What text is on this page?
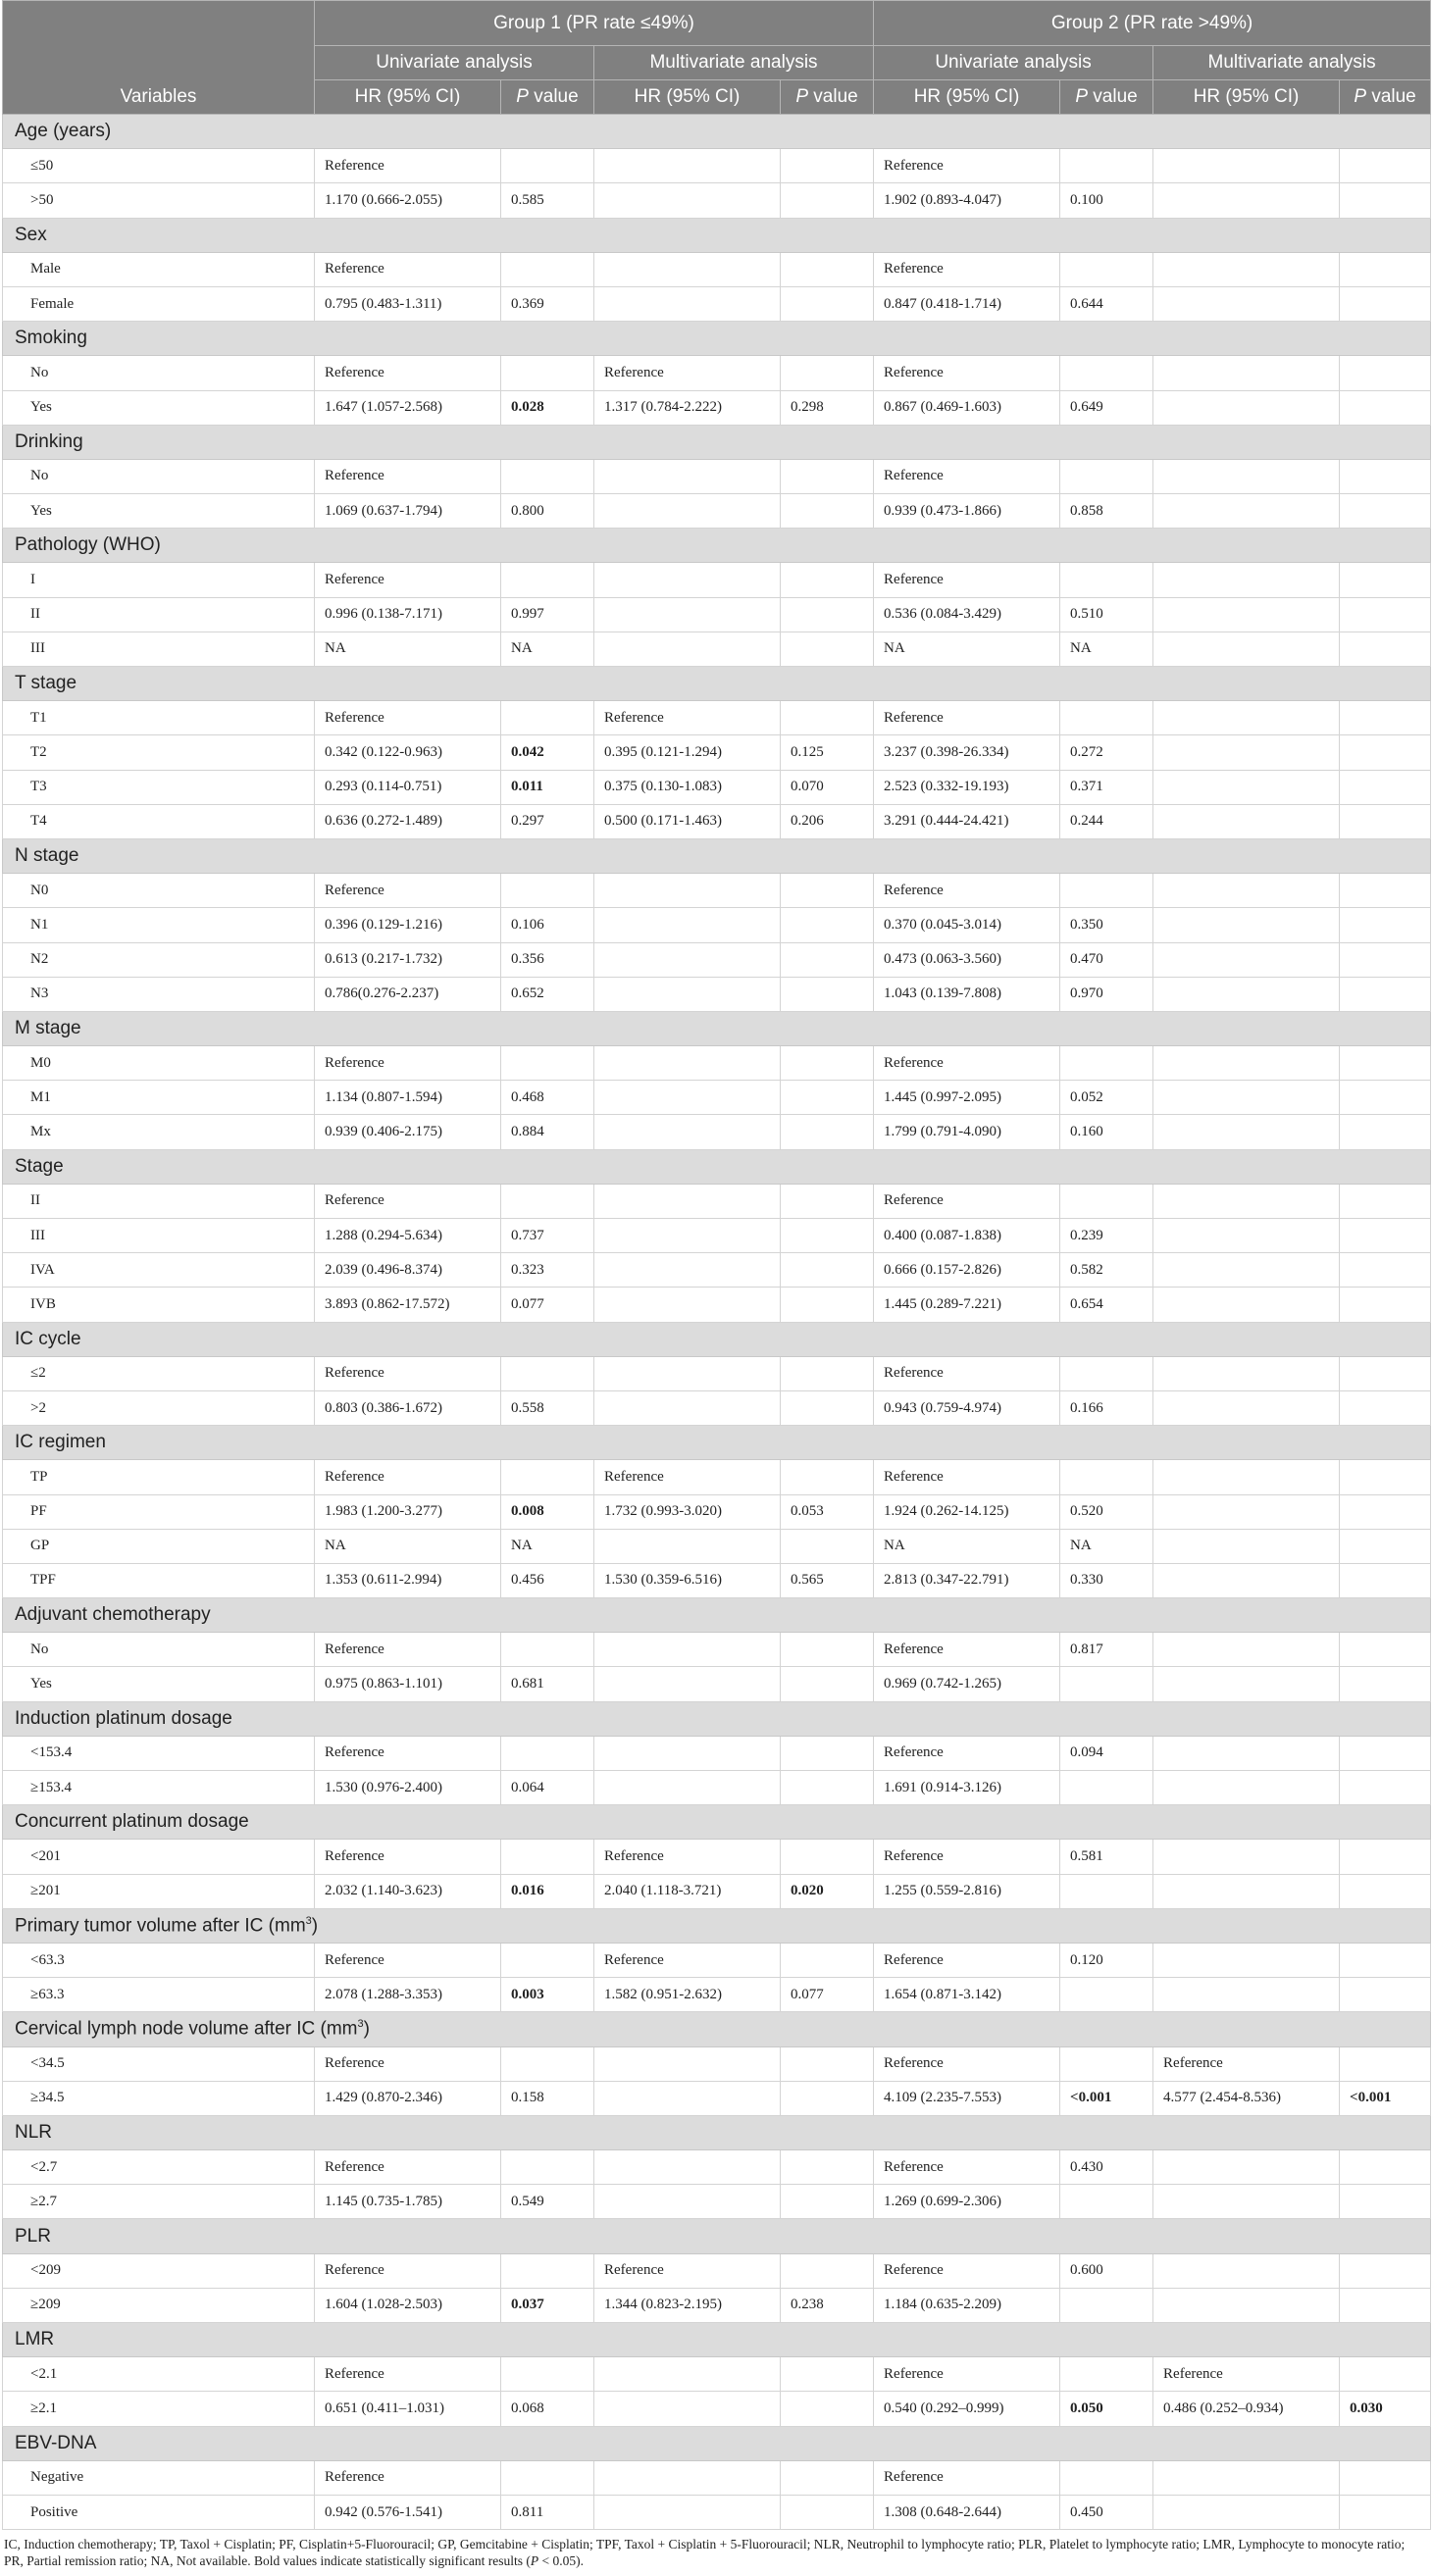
Variables	Group 1 (PR rate ≤49%)				Group 2 (PR rate >49%)			
	Univariate analysis		Multivariate analysis		Univariate analysis		Multivariate analysis	
	HR (95% CI)	P value	HR (95% CI)	P value	HR (95% CI)	P value	HR (95% CI)	P value
Age (years)								
≤50	Reference				Reference			
>50	1.170 (0.666-2.055)	0.585			1.902 (0.893-4.047)	0.100		
Sex								
Male	Reference				Reference			
Female	0.795 (0.483-1.311)	0.369			0.847 (0.418-1.714)	0.644		
Smoking								
No	Reference		Reference		Reference			
Yes	1.647 (1.057-2.568)	0.028	1.317 (0.784-2.222)	0.298	0.867 (0.469-1.603)	0.649		
Drinking								
No	Reference				Reference			
Yes	1.069 (0.637-1.794)	0.800			0.939 (0.473-1.866)	0.858		
Pathology (WHO)								
I	Reference				Reference			
II	0.996 (0.138-7.171)	0.997			0.536 (0.084-3.429)	0.510		
III	NA	NA			NA	NA		
T stage								
T1	Reference		Reference		Reference			
T2	0.342 (0.122-0.963)	0.042	0.395 (0.121-1.294)	0.125	3.237 (0.398-26.334)	0.272		
T3	0.293 (0.114-0.751)	0.011	0.375 (0.130-1.083)	0.070	2.523 (0.332-19.193)	0.371		
T4	0.636 (0.272-1.489)	0.297	0.500 (0.171-1.463)	0.206	3.291 (0.444-24.421)	0.244		
N stage								
N0	Reference				Reference			
N1	0.396 (0.129-1.216)	0.106			0.370 (0.045-3.014)	0.350		
N2	0.613 (0.217-1.732)	0.356			0.473 (0.063-3.560)	0.470		
N3	0.786(0.276-2.237)	0.652			1.043 (0.139-7.808)	0.970		
M stage								
M0	Reference				Reference			
M1	1.134 (0.807-1.594)	0.468			1.445 (0.997-2.095)	0.052		
Mx	0.939 (0.406-2.175)	0.884			1.799 (0.791-4.090)	0.160		
Stage								
II	Reference				Reference			
III	1.288 (0.294-5.634)	0.737			0.400 (0.087-1.838)	0.239		
IVA	2.039 (0.496-8.374)	0.323			0.666 (0.157-2.826)	0.582		
IVB	3.893 (0.862-17.572)	0.077			1.445 (0.289-7.221)	0.654		
IC cycle								
≤2	Reference				Reference			
>2	0.803 (0.386-1.672)	0.558			0.943 (0.759-4.974)	0.166		
IC regimen								
TP	Reference		Reference		Reference			
PF	1.983 (1.200-3.277)	0.008	1.732 (0.993-3.020)	0.053	1.924 (0.262-14.125)	0.520		
GP	NA	NA			NA	NA		
TPF	1.353 (0.611-2.994)	0.456	1.530 (0.359-6.516)	0.565	2.813 (0.347-22.791)	0.330		
Adjuvant chemotherapy								
No	Reference				Reference	0.817		
Yes	0.975 (0.863-1.101)	0.681			0.969 (0.742-1.265)			
Induction platinum dosage								
<153.4	Reference				Reference	0.094		
≥153.4	1.530 (0.976-2.400)	0.064			1.691 (0.914-3.126)			
Concurrent platinum dosage								
<201	Reference		Reference		Reference	0.581		
≥201	2.032 (1.140-3.623)	0.016	2.040 (1.118-3.721)	0.020	1.255 (0.559-2.816)			
Primary tumor volume after IC $(mm^3)$								
<63.3	Reference		Reference		Reference	0.120		
≥63.3	2.078 (1.288-3.353)	0.003	1.582 (0.951-2.632)	0.077	1.654 (0.871-3.142)			
Cervical lymph node volume after IC $(mm^3)$								
<34.5	Reference				Reference		Reference	
≥34.5	1.429 (0.870-2.346)	0.158			4.109 (2.235-7.553)	<0.001	4.577 (2.454-8.536)	<0.001
NLR								
<2.7	Reference				Reference	0.430		
≥2.7	1.145 (0.735-1.785)	0.549			1.269 (0.699-2.306)			
PLR								
<209	Reference		Reference		Reference	0.600		
≥209	1.604 (1.028-2.503)	0.037	1.344 (0.823-2.195)	0.238	1.184 (0.635-2.209)			
LMR								
<2.1	Reference				Reference		Reference	
≥2.1	0.651 (0.411–1.031)	0.068			0.540 (0.292–0.999)	0.050	0.486 (0.252–0.934)	0.030
EBV-DNA								
Negative	Reference				Reference			
Positive	0.942 (0.576-1.541)	0.811			1.308 (0.648-2.644)	0.450		
IC, Induction chemotherapy; TP, Taxol + Cisplatin; PF, Cisplatin+5-Fluorouracil; GP, Gemcitabine + Cisplatin; TPF, Taxol + Cisplatin + 5-Fluorouracil; NLR, Neutrophil to lymphocyte ratio; PLR, Platelet to lymphocyte ratio; LMR, Lymphocyte to monocyte ratio; PR, Partial remission ratio; NA, Not available. Bold values indicate statistically significant results (P < 0.05).
